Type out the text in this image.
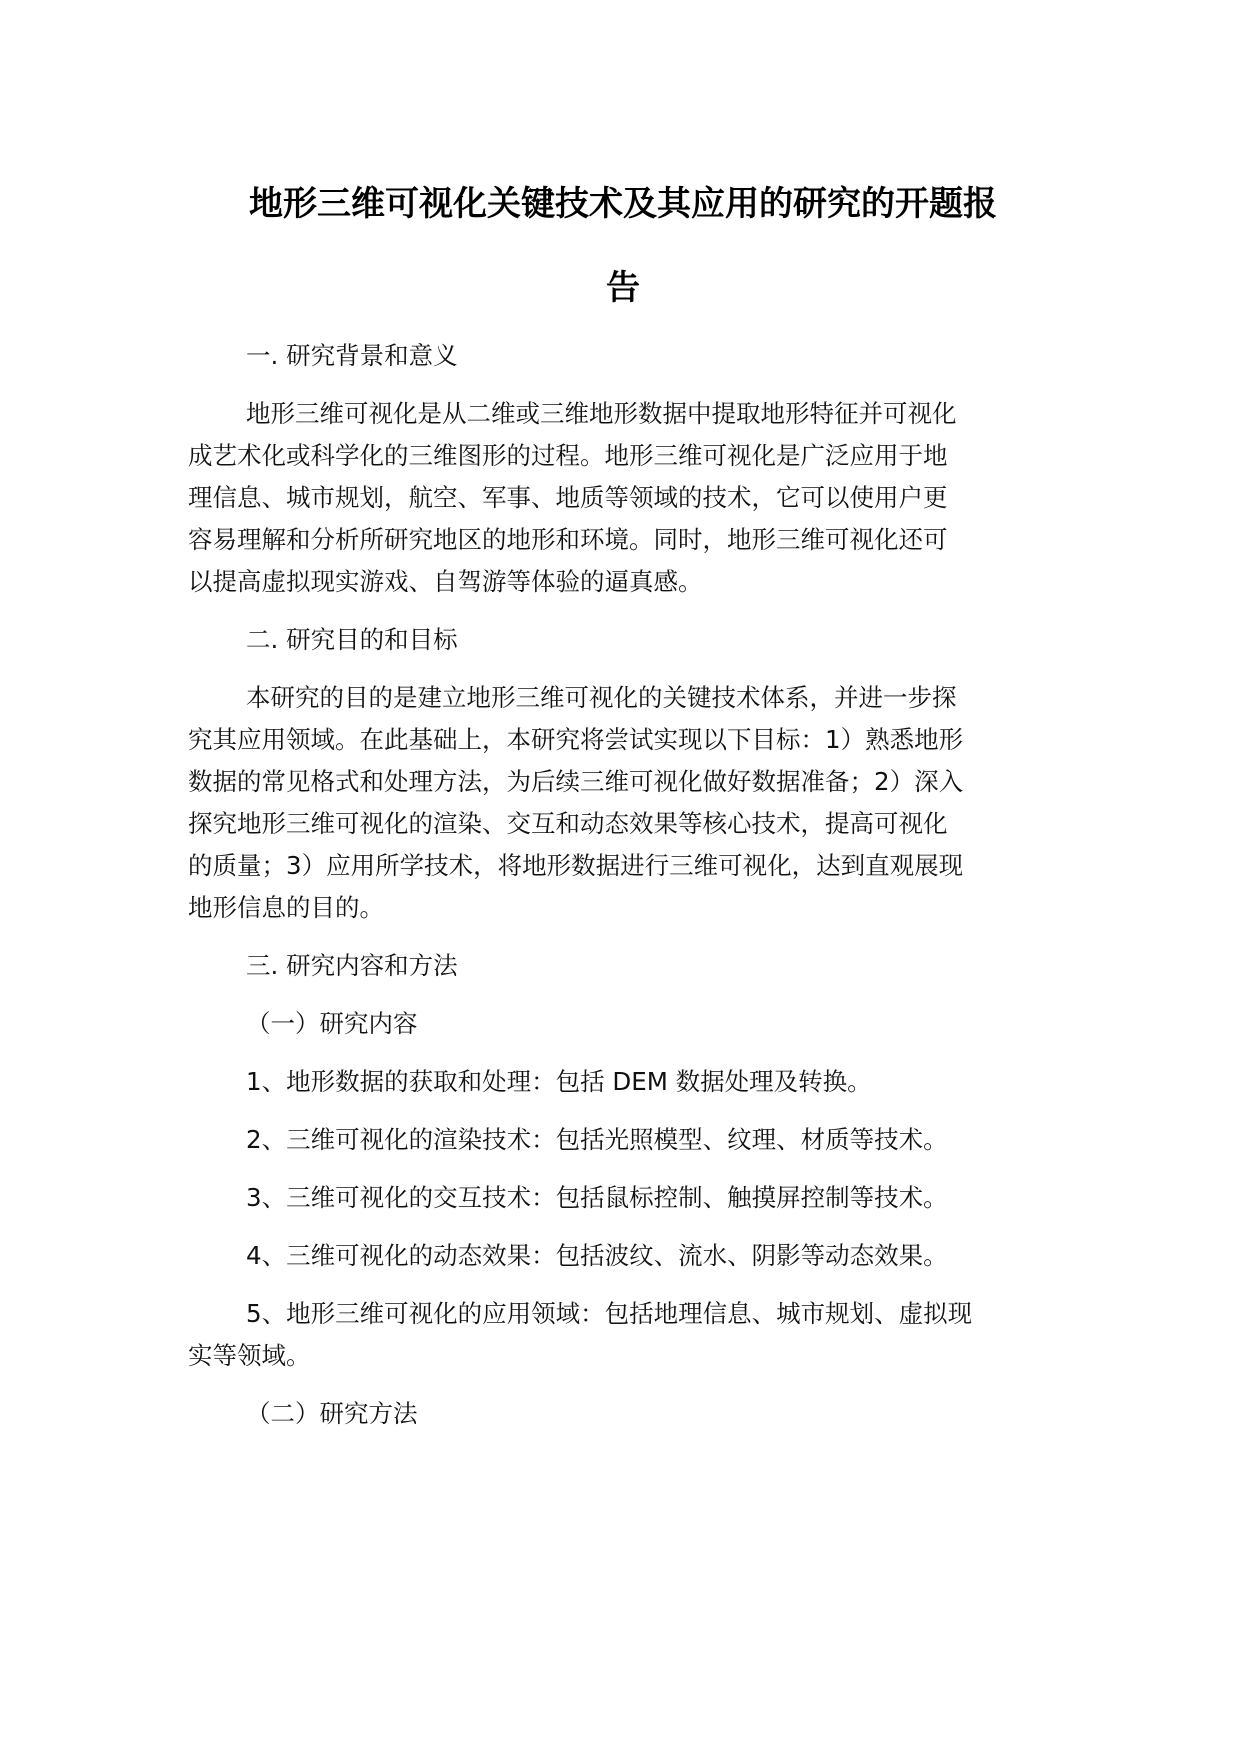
地形三维可视化关键技术及其应用的研究的开题报
告
一. 研究背景和意义
地形三维可视化是从二维或三维地形数据中提取地形特征并可视化
成艺术化或科学化的三维图形的过程。地形三维可视化是广泛应用于地
理信息、城市规划，航空、军事、地质等领域的技术，它可以使用户更
容易理解和分析所研究地区的地形和环境。同时，地形三维可视化还可
以提高虚拟现实游戏、自驾游等体验的逼真感。
二. 研究目的和目标
本研究的目的是建立地形三维可视化的关键技术体系，并进一步探
究其应用领域。在此基础上，本研究将尝试实现以下目标：1）熟悉地形
数据的常见格式和处理方法，为后续三维可视化做好数据准备；2）深入
探究地形三维可视化的渲染、交互和动态效果等核心技术，提高可视化
的质量；3）应用所学技术，将地形数据进行三维可视化，达到直观展现
地形信息的目的。
三. 研究内容和方法
（一）研究内容
1、地形数据的获取和处理：包括 DEM 数据处理及转换。
2、三维可视化的渲染技术：包括光照模型、纹理、材质等技术。
3、三维可视化的交互技术：包括鼠标控制、触摸屏控制等技术。
4、三维可视化的动态效果：包括波纹、流水、阴影等动态效果。
5、地形三维可视化的应用领域：包括地理信息、城市规划、虚拟现
实等领域。
（二）研究方法
